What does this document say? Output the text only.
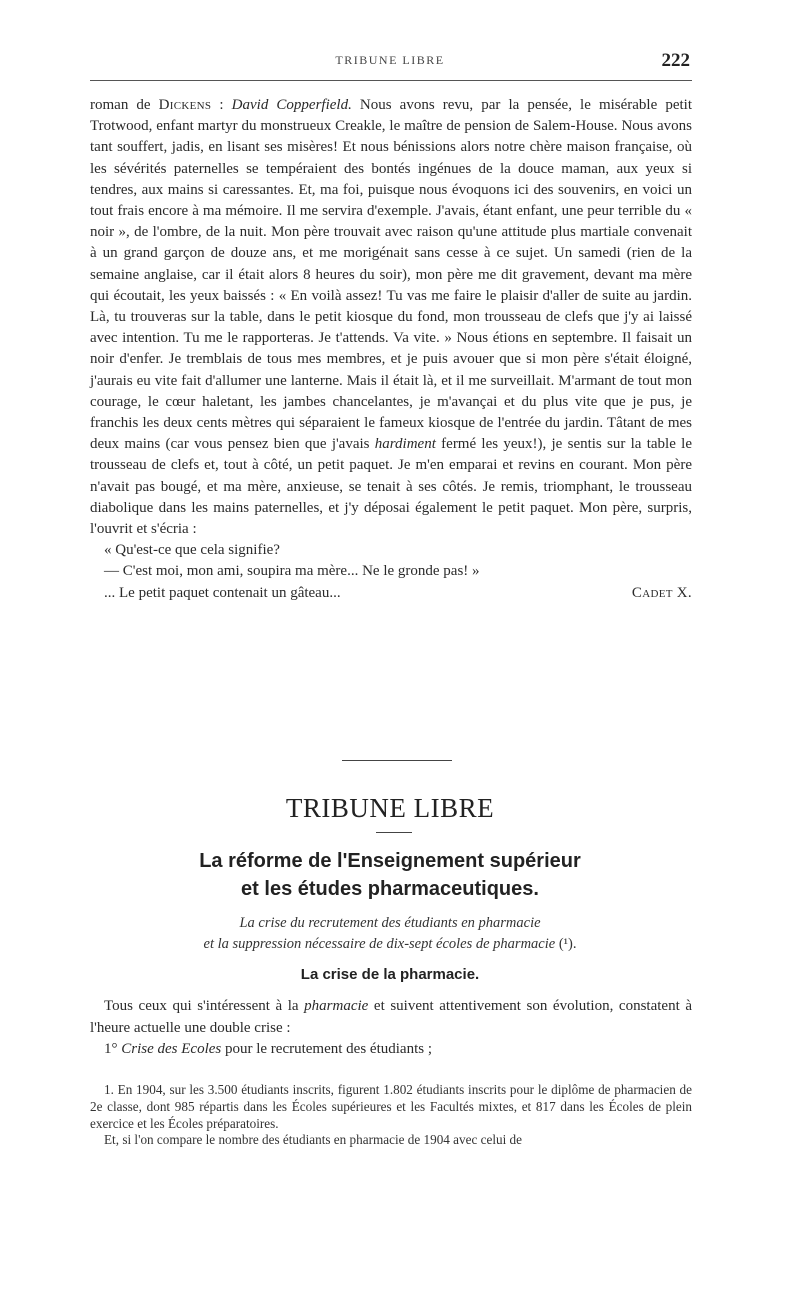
TRIBUNE LIBRE	222

roman de Dickens : David Copperfield. Nous avons revu, par la pensée, le misérable petit Trotwood, enfant martyr du monstrueux Creakle, le maître de pension de Salem-House. Nous avons tant souffert, jadis, en lisant ses misères! Et nous bénissions alors notre chère maison française, où les sévérités paternelles se tempéraient des bontés ingénues de la douce maman, aux yeux si tendres, aux mains si caressantes. Et, ma foi, puisque nous évoquons ici des souvenirs, en voici un tout frais encore à ma mémoire. Il me servira d'exemple. J'avais, étant enfant, une peur terrible du « noir », de l'ombre, de la nuit. Mon père trouvait avec raison qu'une attitude plus martiale convenait à un grand garçon de douze ans, et me morigénait sans cesse à ce sujet. Un samedi (rien de la semaine anglaise, car il était alors 8 heures du soir), mon père me dit gravement, devant ma mère qui écoutait, les yeux baissés : « En voilà assez! Tu vas me faire le plaisir d'aller de suite au jardin. Là, tu trouveras sur la table, dans le petit kiosque du fond, mon trousseau de clefs que j'y ai laissé avec intention. Tu me le rapporteras. Je t'attends. Va vite. » Nous étions en septembre. Il faisait un noir d'enfer. Je tremblais de tous mes membres, et je puis avouer que si mon père s'était éloigné, j'aurais eu vite fait d'allumer une lanterne. Mais il était là, et il me surveillait. M'armant de tout mon courage, le cœur haletant, les jambes chancelantes, je m'avançai et du plus vite que je pus, je franchis les deux cents mètres qui séparaient le fameux kiosque de l'entrée du jardin. Tâtant de mes deux mains (car vous pensez bien que j'avais hardiment fermé les yeux!), je sentis sur la table le trousseau de clefs et, tout à côté, un petit paquet. Je m'en emparai et revins en courant. Mon père n'avait pas bougé, et ma mère, anxieuse, se tenait à ses côtés. Je remis, triomphant, le trousseau diabolique dans les mains paternelles, et j'y déposai également le petit paquet. Mon père, surpris, l'ouvrit et s'écria :

« Qu'est-ce que cela signifie?

— C'est moi, mon ami, soupira ma mère... Ne le gronde pas! »

... Le petit paquet contenait un gâteau...	Cadet X.

TRIBUNE LIBRE
La réforme de l'Enseignement supérieur
et les études pharmaceutiques.
La crise du recrutement des étudiants en pharmacie
et la suppression nécessaire de dix-sept écoles de pharmacie (¹).
La crise de la pharmacie.

Tous ceux qui s'intéressent à la pharmacie et suivent attentivement son évolution, constatent à l'heure actuelle une double crise :

1° Crise des Ecoles pour le recrutement des étudiants ;

1. En 1904, sur les 3.500 étudiants inscrits, figurent 1.802 étudiants inscrits pour le diplôme de pharmacien de 2e classe, dont 985 répartis dans les Écoles supérieures et les Facultés mixtes, et 817 dans les Écoles de plein exercice et les Écoles préparatoires.

Et, si l'on compare le nombre des étudiants en pharmacie de 1904 avec celui de
